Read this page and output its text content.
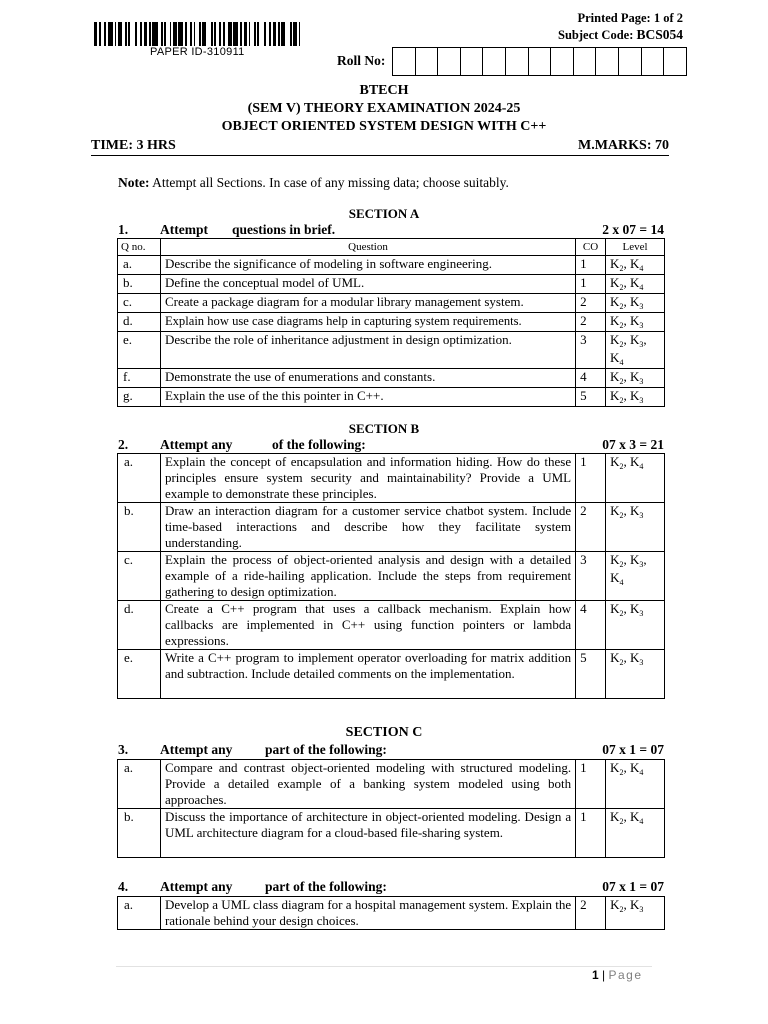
PAPER ID-310911
Printed Page: 1 of 2
Subject Code: BCS054
Roll No:
BTECH
(SEM V) THEORY EXAMINATION 2024-25
OBJECT ORIENTED SYSTEM DESIGN WITH C++
TIME: 3 HRS	M.MARKS: 70
Note: Attempt all Sections. In case of any missing data; choose suitably.
SECTION A
1. Attempt questions in brief.	2 x 07 = 14
Q no.	Question	CO	Level
a.	Describe the significance of modeling in software engineering.	1	$K_2$, $K_4$
b.	Define the conceptual model of UML.	1	$K_2$, $K_4$
c.	Create a package diagram for a modular library management system.	2	$K_2$, $K_3$
d.	Explain how use case diagrams help in capturing system requirements.	2	$K_2$, $K_3$
e.	Describe the role of inheritance adjustment in design optimization.	3	$K_2$, $K_3$, $K_4$
f.	Demonstrate the use of enumerations and constants.	4	$K_2$, $K_3$
g.	Explain the use of the this pointer in C++.	5	$K_2$, $K_3$
SECTION B
2. Attempt any	of the following:	07 x 3 = 21
a.	Explain the concept of encapsulation and information hiding. How do these principles ensure system security and maintainability? Provide a UML example to demonstrate these principles.	1	$K_2$, $K_4$
b.	Draw an interaction diagram for a customer service chatbot system. Include time-based interactions and describe how they facilitate system understanding.	2	$K_2$, $K_3$
c.	Explain the process of object-oriented analysis and design with a detailed example of a ride-hailing application. Include the steps from requirement gathering to design optimization.	3	$K_2$, $K_3$, $K_4$
d.	Create a C++ program that uses a callback mechanism. Explain how callbacks are implemented in C++ using function pointers or lambda expressions.	4	$K_2$, $K_3$
e.	Write a C++ program to implement operator overloading for matrix addition and subtraction. Include detailed comments on the implementation.	5	$K_2$, $K_3$
SECTION C
3. Attempt any part of the following:	07 x 1 = 07
a.	Compare and contrast object-oriented modeling with structured modeling. Provide a detailed example of a banking system modeled using both approaches.	1	$K_2$, $K_4$
b.	Discuss the importance of architecture in object-oriented modeling. Design a UML architecture diagram for a cloud-based file-sharing system.	1	$K_2$, $K_4$
4. Attempt any part of the following:	07 x 1 = 07
a.	Develop a UML class diagram for a hospital management system. Explain the rationale behind your design choices.	2	$K_2$, $K_3$
1 | Page
